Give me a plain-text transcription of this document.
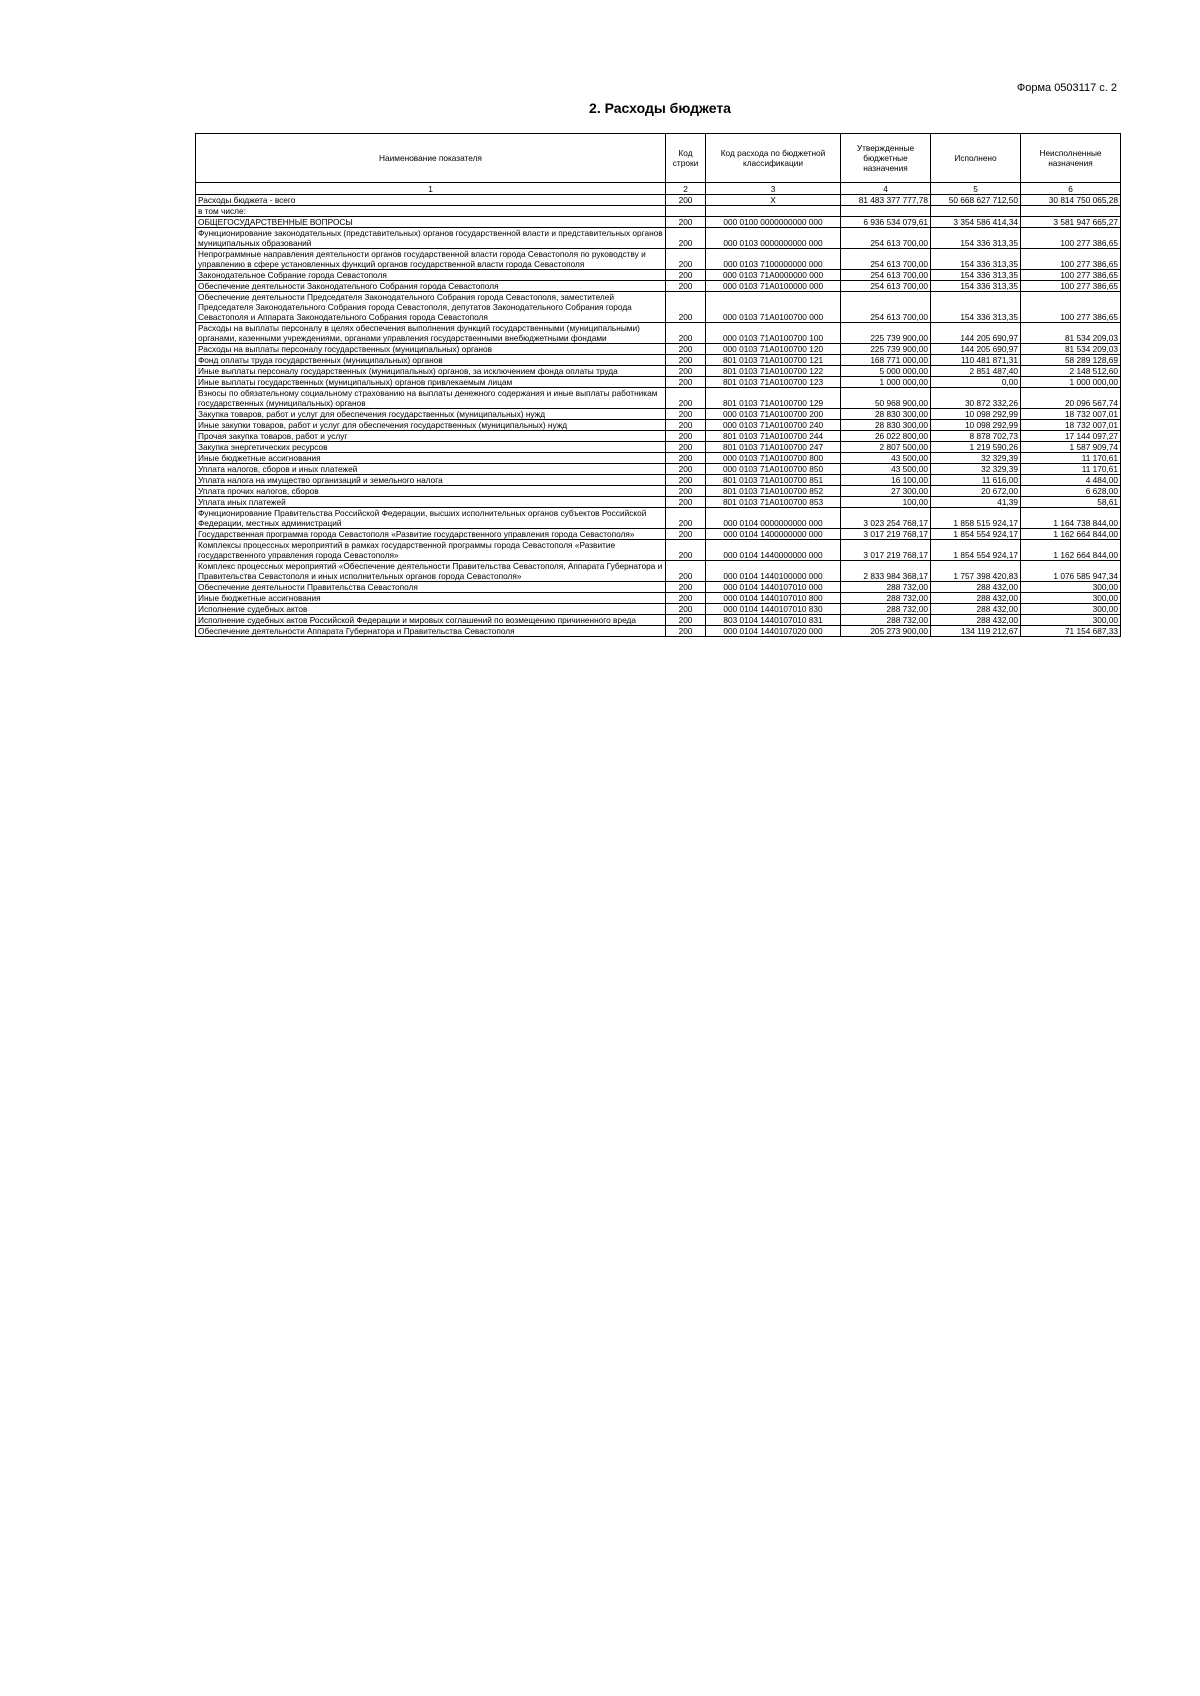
Форма 0503117 с. 2
2. Расходы бюджета
Наименование показателя	Код строки	Код расхода по бюджетной классификации	Утвержденные бюджетные назначения	Исполнено	Неисполненные назначения
1	2	3	4	5	6
Расходы бюджета - всего	200	X	81 483 377 777,78	50 668 627 712,50	30 814 750 065,28
в том числе:					
ОБЩЕГОСУДАРСТВЕННЫЕ ВОПРОСЫ	200	000 0100 0000000000 000	6 936 534 079,61	3 354 586 414,34	3 581 947 665,27
Функционирование законодательных (представительных) органов государственной власти и представительных органов муниципальных образований	200	000 0103 0000000000 000	254 613 700,00	154 336 313,35	100 277 386,65
Непрограммные направления деятельности органов государственной власти города Севастополя по руководству и управлению в сфере установленных функций органов государственной власти города Севастополя	200	000 0103 7100000000 000	254 613 700,00	154 336 313,35	100 277 386,65
Законодательное Собрание города Севастополя	200	000 0103 71А0000000 000	254 613 700,00	154 336 313,35	100 277 386,65
Обеспечение деятельности Законодательного Собрания города Севастополя	200	000 0103 71А0100000 000	254 613 700,00	154 336 313,35	100 277 386,65
Обеспечение деятельности Председателя Законодательного Собрания города Севастополя, заместителей Председателя Законодательного Собрания города Севастополя, депутатов Законодательного Собрания города Севастополя и Аппарата Законодательного Собрания города Севастополя	200	000 0103 71А0100700 000	254 613 700,00	154 336 313,35	100 277 386,65
Расходы на выплаты персоналу в целях обеспечения выполнения функций государственными (муниципальными) органами, казенными учреждениями, органами управления государственными внебюджетными фондами	200	000 0103 71А0100700 100	225 739 900,00	144 205 690,97	81 534 209,03
Расходы на выплаты персоналу государственных (муниципальных) органов	200	000 0103 71А0100700 120	225 739 900,00	144 205 690,97	81 534 209,03
Фонд оплаты труда государственных (муниципальных) органов	200	801 0103 71А0100700 121	168 771 000,00	110 481 871,31	58 289 128,69
Иные выплаты персоналу государственных (муниципальных) органов, за исключением фонда оплаты труда	200	801 0103 71А0100700 122	5 000 000,00	2 851 487,40	2 148 512,60
Иные выплаты государственных (муниципальных) органов привлекаемым лицам	200	801 0103 71А0100700 123	1 000 000,00	0,00	1 000 000,00
Взносы по обязательному социальному страхованию на выплаты денежного содержания и иные выплаты работникам государственных (муниципальных) органов	200	801 0103 71А0100700 129	50 968 900,00	30 872 332,26	20 096 567,74
Закупка товаров, работ и услуг для обеспечения государственных (муниципальных) нужд	200	000 0103 71А0100700 200	28 830 300,00	10 098 292,99	18 732 007,01
Иные закупки товаров, работ и услуг для обеспечения государственных (муниципальных) нужд	200	000 0103 71А0100700 240	28 830 300,00	10 098 292,99	18 732 007,01
Прочая закупка товаров, работ и услуг	200	801 0103 71А0100700 244	26 022 800,00	8 878 702,73	17 144 097,27
Закупка энергетических ресурсов	200	801 0103 71А0100700 247	2 807 500,00	1 219 590,26	1 587 909,74
Иные бюджетные ассигнования	200	000 0103 71А0100700 800	43 500,00	32 329,39	11 170,61
Уплата налогов, сборов и иных платежей	200	000 0103 71А0100700 850	43 500,00	32 329,39	11 170,61
Уплата налога на имущество организаций и земельного налога	200	801 0103 71А0100700 851	16 100,00	11 616,00	4 484,00
Уплата прочих налогов, сборов	200	801 0103 71А0100700 852	27 300,00	20 672,00	6 628,00
Уплата иных платежей	200	801 0103 71А0100700 853	100,00	41,39	58,61
Функционирование Правительства Российской Федерации, высших исполнительных органов субъектов Российской Федерации, местных администраций	200	000 0104 0000000000 000	3 023 254 768,17	1 858 515 924,17	1 164 738 844,00
Государственная программа города Севастополя «Развитие государственного управления города Севастополя»	200	000 0104 1400000000 000	3 017 219 768,17	1 854 554 924,17	1 162 664 844,00
Комплексы процессных мероприятий в рамках государственной программы города Севастополя «Развитие государственного управления города Севастополя»	200	000 0104 1440000000 000	3 017 219 768,17	1 854 554 924,17	1 162 664 844,00
Комплекс процессных мероприятий «Обеспечение деятельности Правительства Севастополя, Аппарата Губернатора и Правительства Севастополя и иных исполнительных органов города Севастополя»	200	000 0104 1440100000 000	2 833 984 368,17	1 757 398 420,83	1 076 585 947,34
Обеспечение деятельности Правительства Севастополя	200	000 0104 1440107010 000	288 732,00	288 432,00	300,00
Иные бюджетные ассигнования	200	000 0104 1440107010 800	288 732,00	288 432,00	300,00
Исполнение судебных актов	200	000 0104 1440107010 830	288 732,00	288 432,00	300,00
Исполнение судебных актов Российской Федерации и мировых соглашений по возмещению причиненного вреда	200	803 0104 1440107010 831	288 732,00	288 432,00	300,00
Обеспечение деятельности Аппарата Губернатора и Правительства Севастополя	200	000 0104 1440107020 000	205 273 900,00	134 119 212,67	71 154 687,33
